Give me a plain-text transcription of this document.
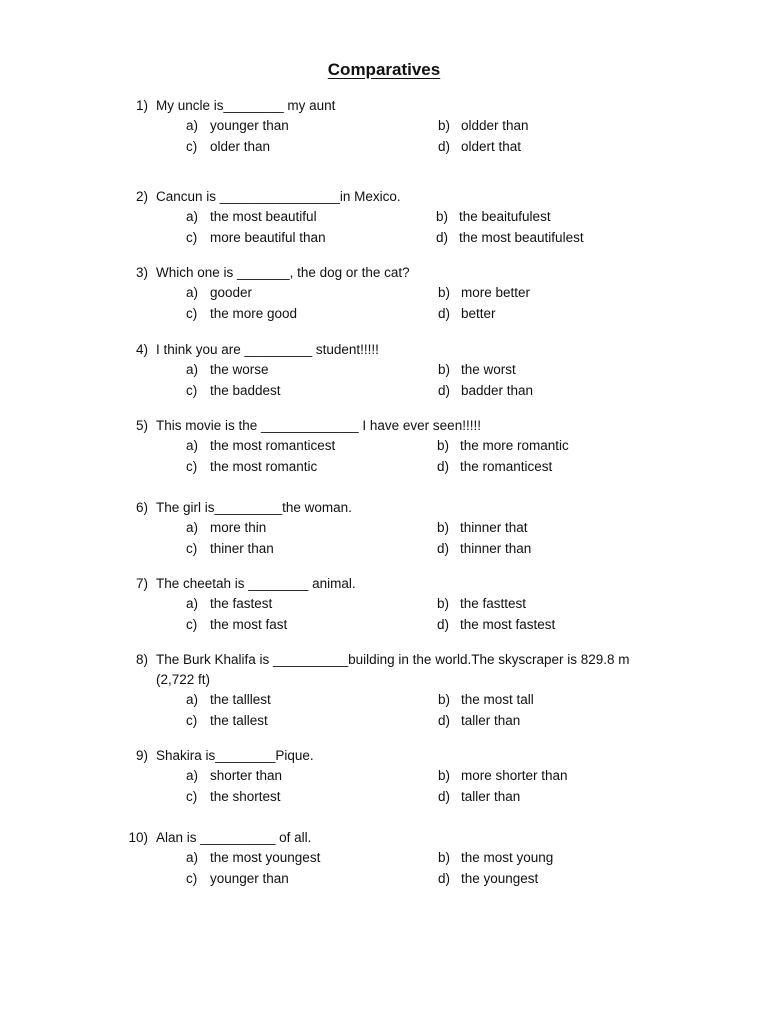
Comparatives
1) My uncle is________ my aunt
a) younger than	b) oldder than
c) older than	d) oldert that
2) Cancun is ________________in Mexico.
a) the most beautiful	b) the beaitufulest
c) more beautiful than	d) the most beautifulest
3) Which one is _______, the dog or the cat?
a) gooder	b) more better
c) the more good	d) better
4) I think you are _________ student!!!!!
a) the worse	b) the worst
c) the baddest	d) badder than
5) This movie is the _____________ I have ever seen!!!!!
a) the most romanticest	b) the more romantic
c) the most romantic	d) the romanticest
6) The girl is_________the woman.
a) more thin	b) thinner that
c) thiner than	d) thinner than
7) The cheetah is ________ animal.
a) the fastest	b) the fasttest
c) the most fast	d) the most fastest
8) The Burk Khalifa is __________building in the world.The skyscraper is 829.8 m
(2,722 ft)
a) the talllest	b) the most tall
c) the tallest	d) taller than
9) Shakira is________Pique.
a) shorter than	b) more shorter than
c) the shortest	d) taller than
10) Alan is __________ of all.
a) the most youngest	b) the most young
c) younger than	d) the youngest
